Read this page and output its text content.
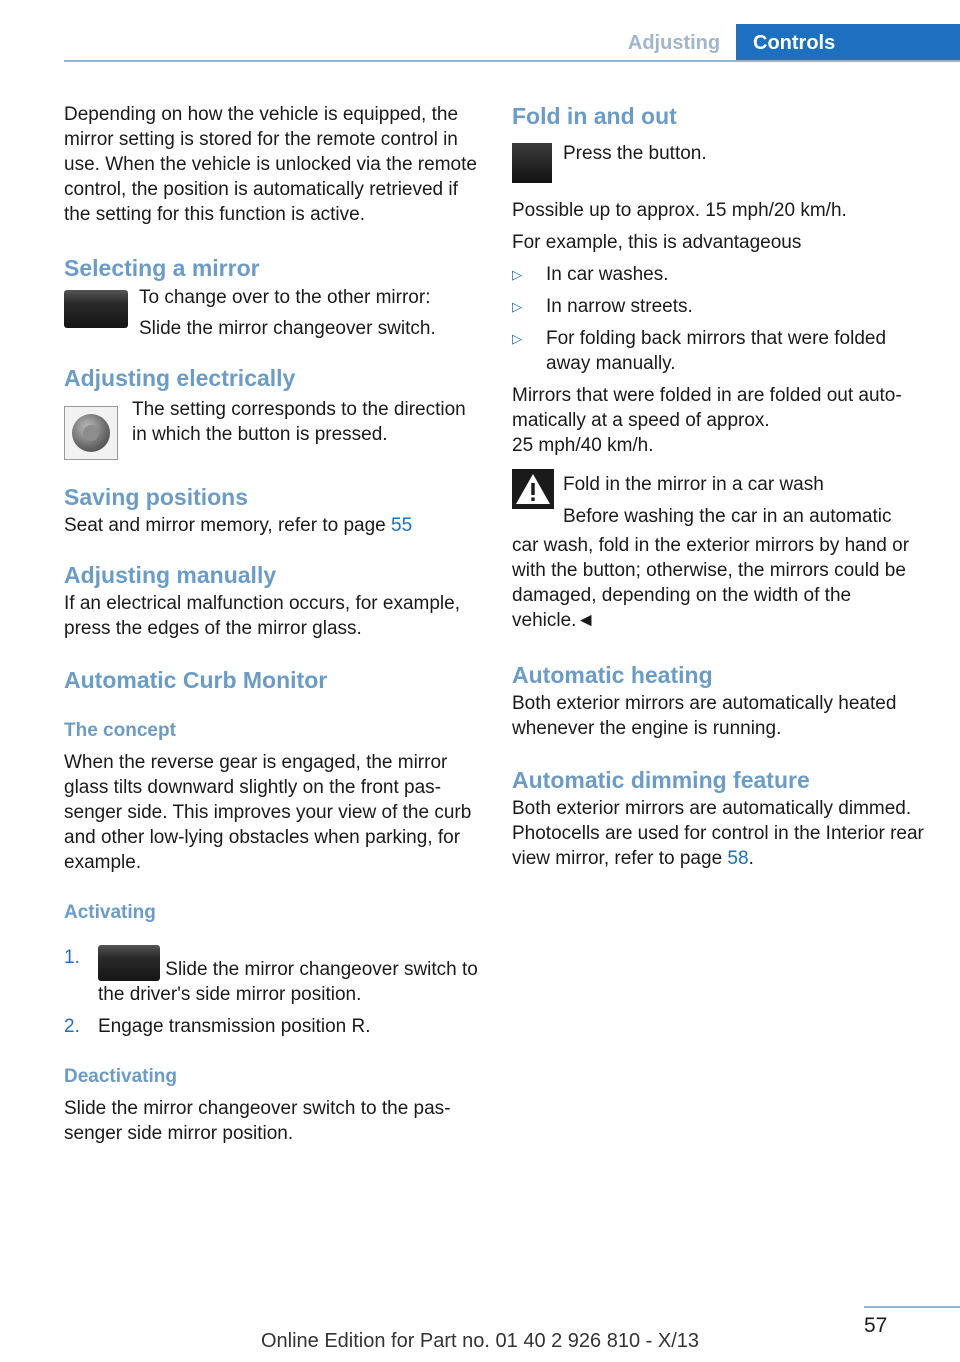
Adjusting	Controls

Depending on how the vehicle is equipped, the mirror setting is stored for the remote control in use. When the vehicle is unlocked via the remote control, the position is automatically retrieved if the setting for this function is active.

Selecting a mirror
To change over to the other mirror:
Slide the mirror changeover switch.
Adjusting electrically

The setting corresponds to the direction in which the button is pressed.

Saving positions

Seat and mirror memory, refer to page 55

Adjusting manually

If an electrical malfunction occurs, for example, press the edges of the mirror glass.

Automatic Curb Monitor
The concept

When the reverse gear is engaged, the mirror glass tilts downward slightly on the front passenger side. This improves your view of the curb and other low-lying obstacles when parking, for example.

Activating
1.
Slide the mirror changeover switch to the driver's side mirror position.
2. Engage transmission position R.
Deactivating

Slide the mirror changeover switch to the passenger side mirror position.

Fold in and out
Press the button.

Possible up to approx. 15 mph/20 km/h.

For example, this is advantageous

▷ In car washes.
▷ In narrow streets.
▷ For folding back mirrors that were folded away manually.

Mirrors that were folded in are folded out automatically at a speed of approx.
25 mph/40 km/h.

Fold in the mirror in a car wash
Before washing the car in an automatic

car wash, fold in the exterior mirrors by hand or with the button; otherwise, the mirrors could be damaged, depending on the width of the vehicle.◄

Automatic heating

Both exterior mirrors are automatically heated whenever the engine is running.

Automatic dimming feature

Both exterior mirrors are automatically dimmed. Photocells are used for control in the Interior rear view mirror, refer to page 58.

57
Online Edition for Part no. 01 40 2 926 810 - X/13
